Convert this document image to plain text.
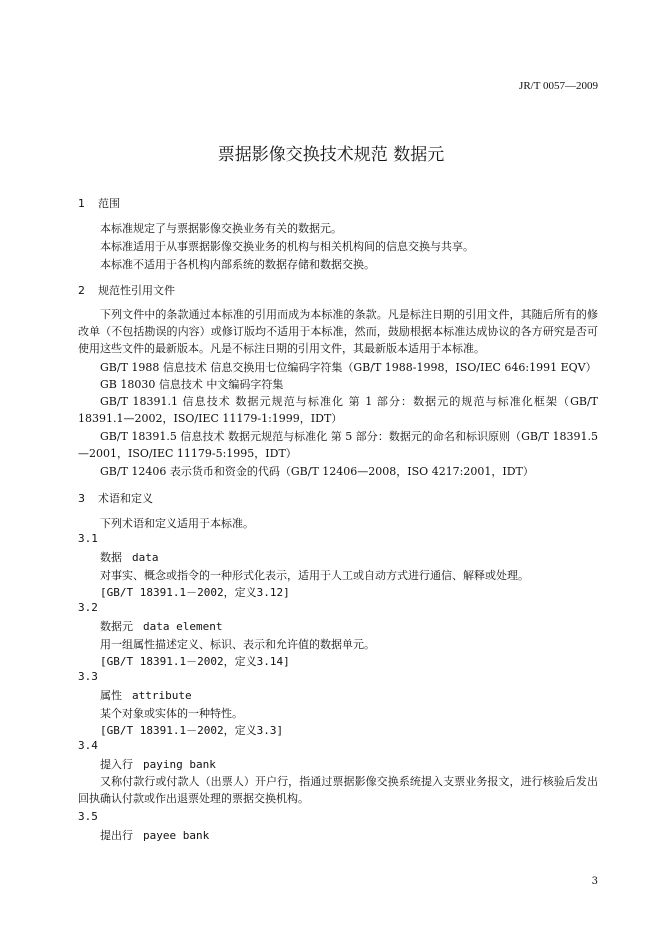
JR/T 0057—2009
票据影像交换技术规范 数据元
1 范围
本标准规定了与票据影像交换业务有关的数据元。
本标准适用于从事票据影像交换业务的机构与相关机构间的信息交换与共享。
本标准不适用于各机构内部系统的数据存储和数据交换。
2 规范性引用文件
下列文件中的条款通过本标准的引用而成为本标准的条款。凡是标注日期的引用文件，其随后所有的修改单（不包括勘误的内容）或修订版均不适用于本标准，然而，鼓励根据本标准达成协议的各方研究是否可使用这些文件的最新版本。凡是不标注日期的引用文件，其最新版本适用于本标准。
GB/T 1988 信息技术 信息交换用七位编码字符集（GB/T 1988-1998，ISO/IEC 646:1991 EQV）
GB 18030 信息技术 中文编码字符集
GB/T 18391.1 信息技术 数据元规范与标准化 第 1 部分：数据元的规范与标准化框架（GB/T 18391.1—2002，ISO/IEC 11179-1:1999，IDT）
GB/T 18391.5 信息技术 数据元规范与标准化 第 5 部分：数据元的命名和标识原则（GB/T 18391.5—2001，ISO/IEC 11179-5:1995，IDT）
GB/T 12406 表示货币和资金的代码（GB/T 12406—2008，ISO 4217:2001，IDT）
3 术语和定义
下列术语和定义适用于本标准。
3.1
数据 data
对事实、概念或指令的一种形式化表示，适用于人工或自动方式进行通信、解释或处理。
[GB/T 18391.1－2002，定义3.12]
3.2
数据元 data element
用一组属性描述定义、标识、表示和允许值的数据单元。
[GB/T 18391.1－2002，定义3.14]
3.3
属性 attribute
某个对象或实体的一种特性。
[GB/T 18391.1－2002，定义3.3]
3.4
提入行 paying bank
又称付款行或付款人（出票人）开户行，指通过票据影像交换系统提入支票业务报文，进行核验后发出回执确认付款或作出退票处理的票据交换机构。
3.5
提出行 payee bank
3
